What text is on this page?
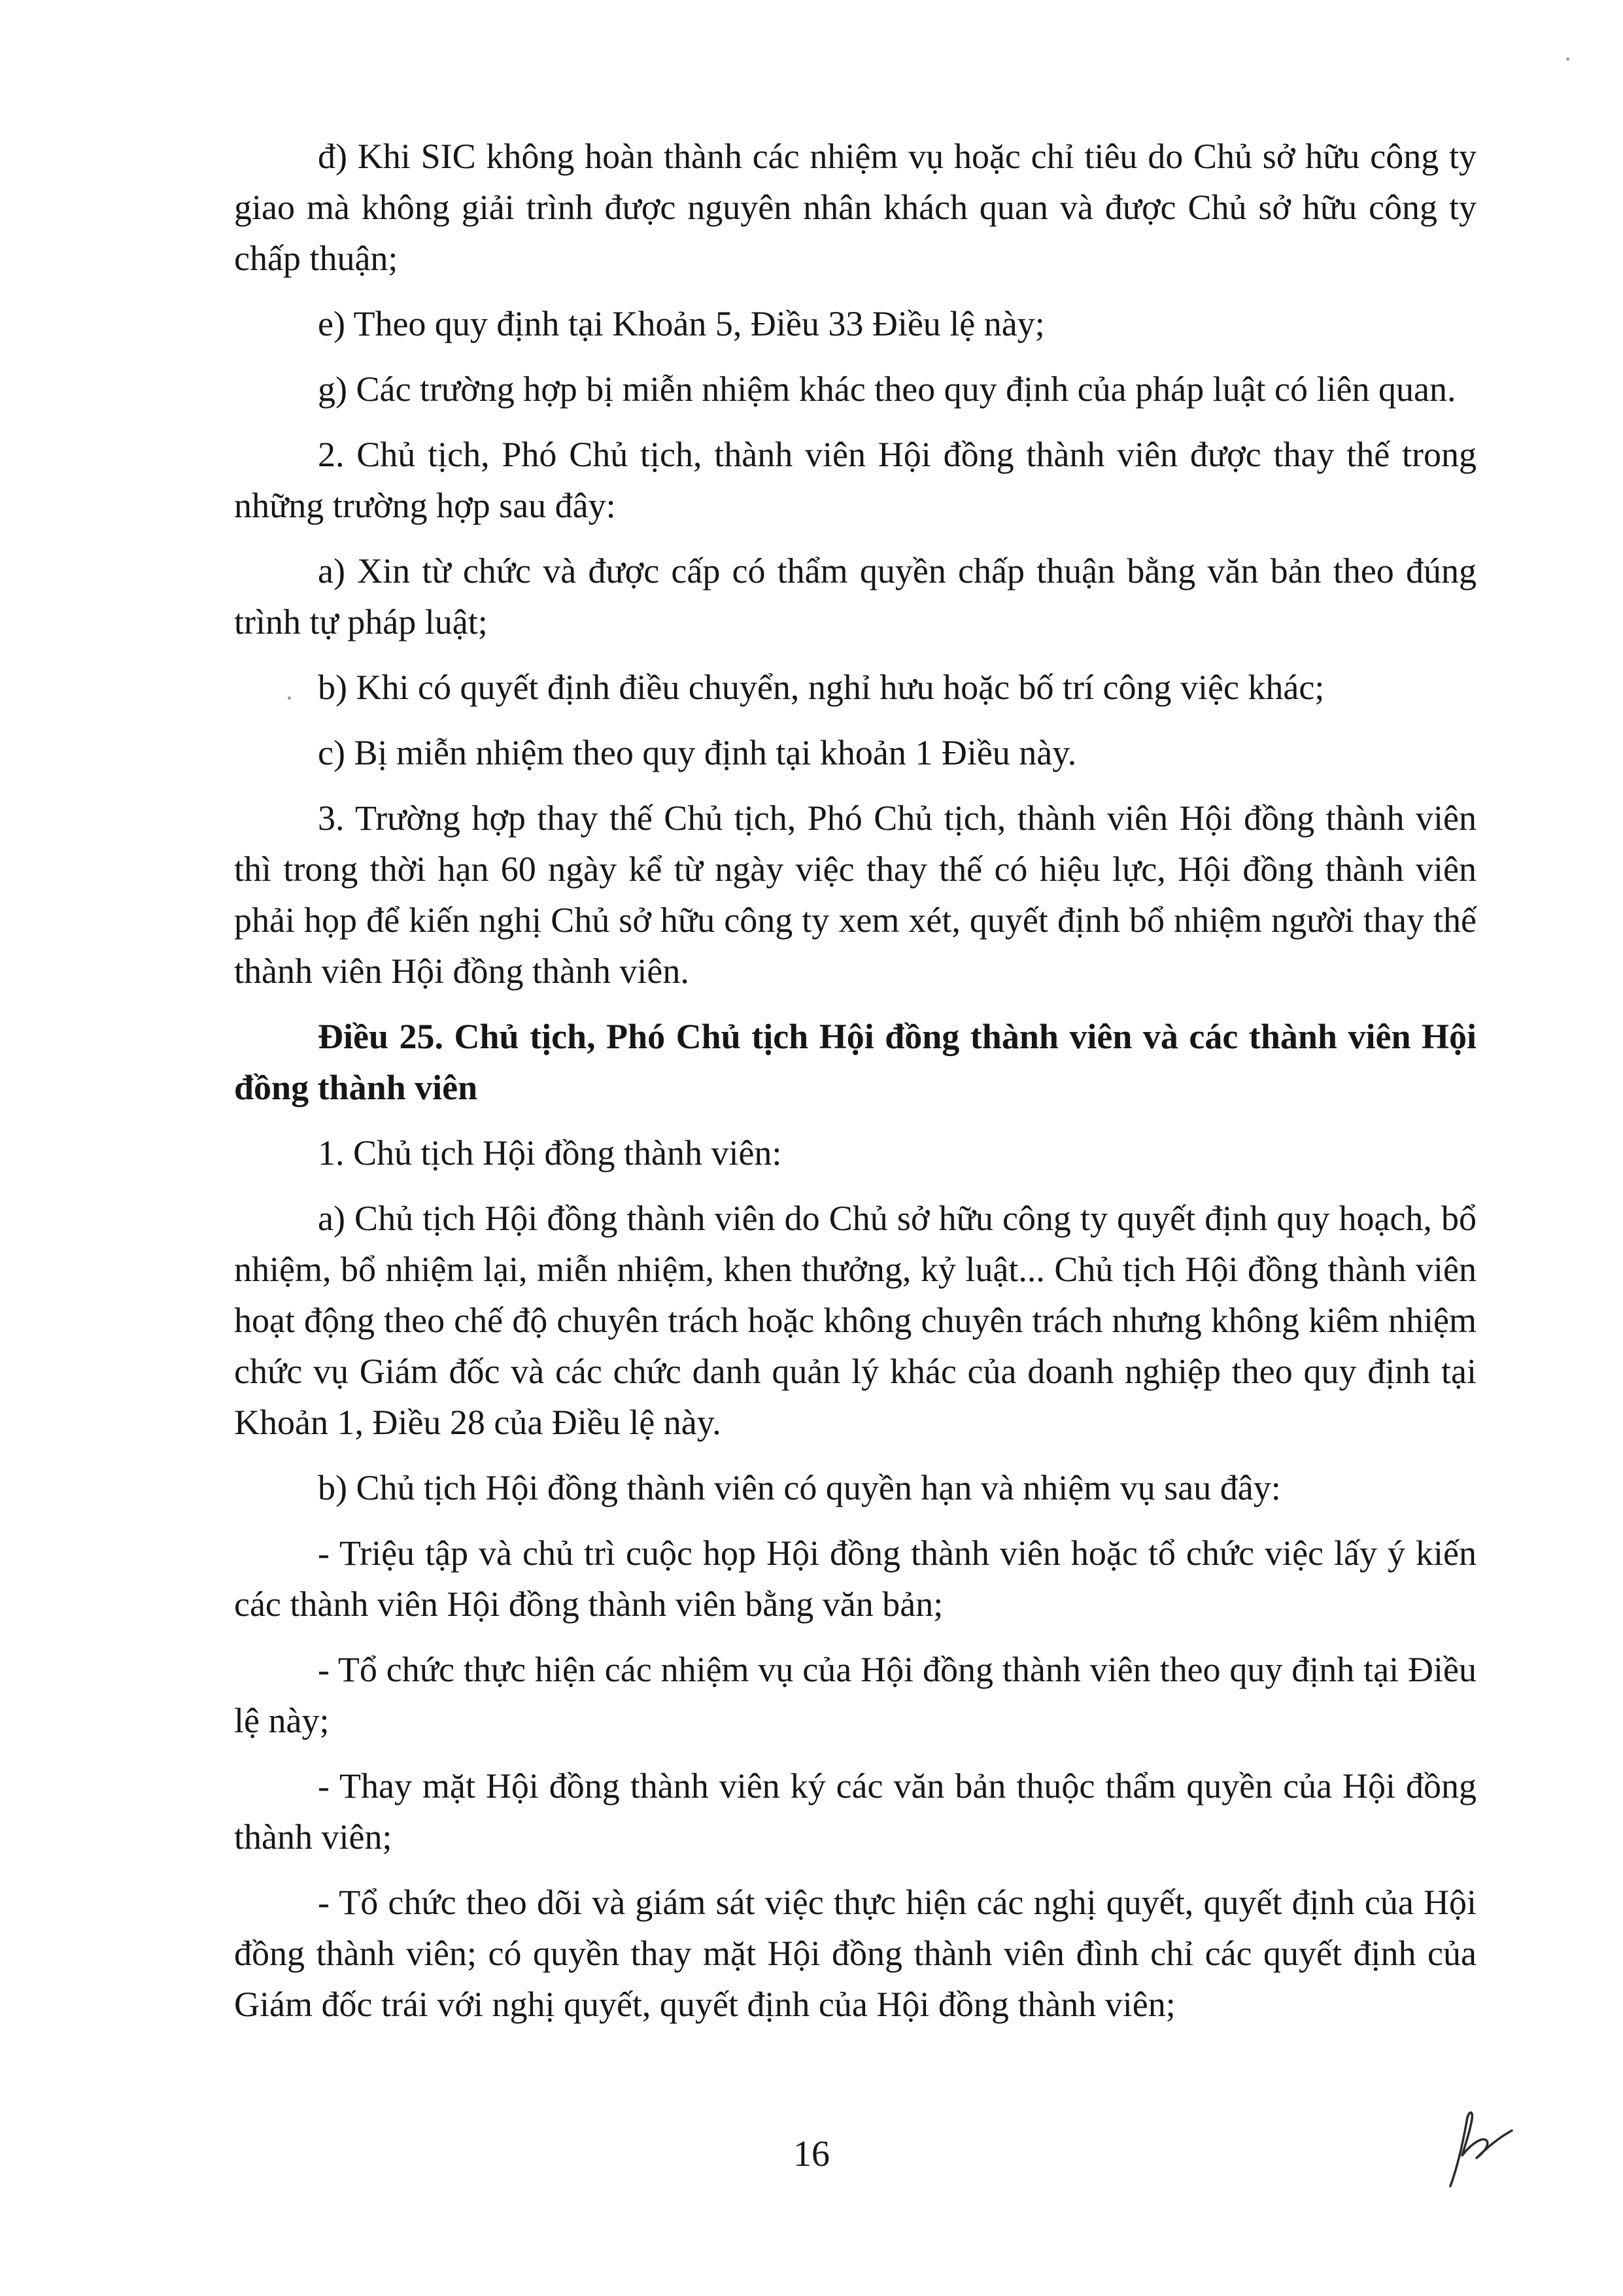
đ) Khi SIC không hoàn thành các nhiệm vụ hoặc chỉ tiêu do Chủ sở hữu công ty giao mà không giải trình được nguyên nhân khách quan và được Chủ sở hữu công ty chấp thuận;

e) Theo quy định tại Khoản 5, Điều 33 Điều lệ này;

g) Các trường hợp bị miễn nhiệm khác theo quy định của pháp luật có liên quan.

2. Chủ tịch, Phó Chủ tịch, thành viên Hội đồng thành viên được thay thế trong những trường hợp sau đây:

a) Xin từ chức và được cấp có thẩm quyền chấp thuận bằng văn bản theo đúng trình tự pháp luật;

b) Khi có quyết định điều chuyển, nghỉ hưu hoặc bố trí công việc khác;

c) Bị miễn nhiệm theo quy định tại khoản 1 Điều này.

3. Trường hợp thay thế Chủ tịch, Phó Chủ tịch, thành viên Hội đồng thành viên thì trong thời hạn 60 ngày kể từ ngày việc thay thế có hiệu lực, Hội đồng thành viên phải họp để kiến nghị Chủ sở hữu công ty xem xét, quyết định bổ nhiệm người thay thế thành viên Hội đồng thành viên.

Điều 25. Chủ tịch, Phó Chủ tịch Hội đồng thành viên và các thành viên Hội đồng thành viên

1. Chủ tịch Hội đồng thành viên:

a) Chủ tịch Hội đồng thành viên do Chủ sở hữu công ty quyết định quy hoạch, bổ nhiệm, bổ nhiệm lại, miễn nhiệm, khen thưởng, kỷ luật... Chủ tịch Hội đồng thành viên hoạt động theo chế độ chuyên trách hoặc không chuyên trách nhưng không kiêm nhiệm chức vụ Giám đốc và các chức danh quản lý khác của doanh nghiệp theo quy định tại Khoản 1, Điều 28 của Điều lệ này.

b) Chủ tịch Hội đồng thành viên có quyền hạn và nhiệm vụ sau đây:

- Triệu tập và chủ trì cuộc họp Hội đồng thành viên hoặc tổ chức việc lấy ý kiến các thành viên Hội đồng thành viên bằng văn bản;

- Tổ chức thực hiện các nhiệm vụ của Hội đồng thành viên theo quy định tại Điều lệ này;

- Thay mặt Hội đồng thành viên ký các văn bản thuộc thẩm quyền của Hội đồng thành viên;

- Tổ chức theo dõi và giám sát việc thực hiện các nghị quyết, quyết định của Hội đồng thành viên; có quyền thay mặt Hội đồng thành viên đình chỉ các quyết định của Giám đốc trái với nghị quyết, quyết định của Hội đồng thành viên;

16
